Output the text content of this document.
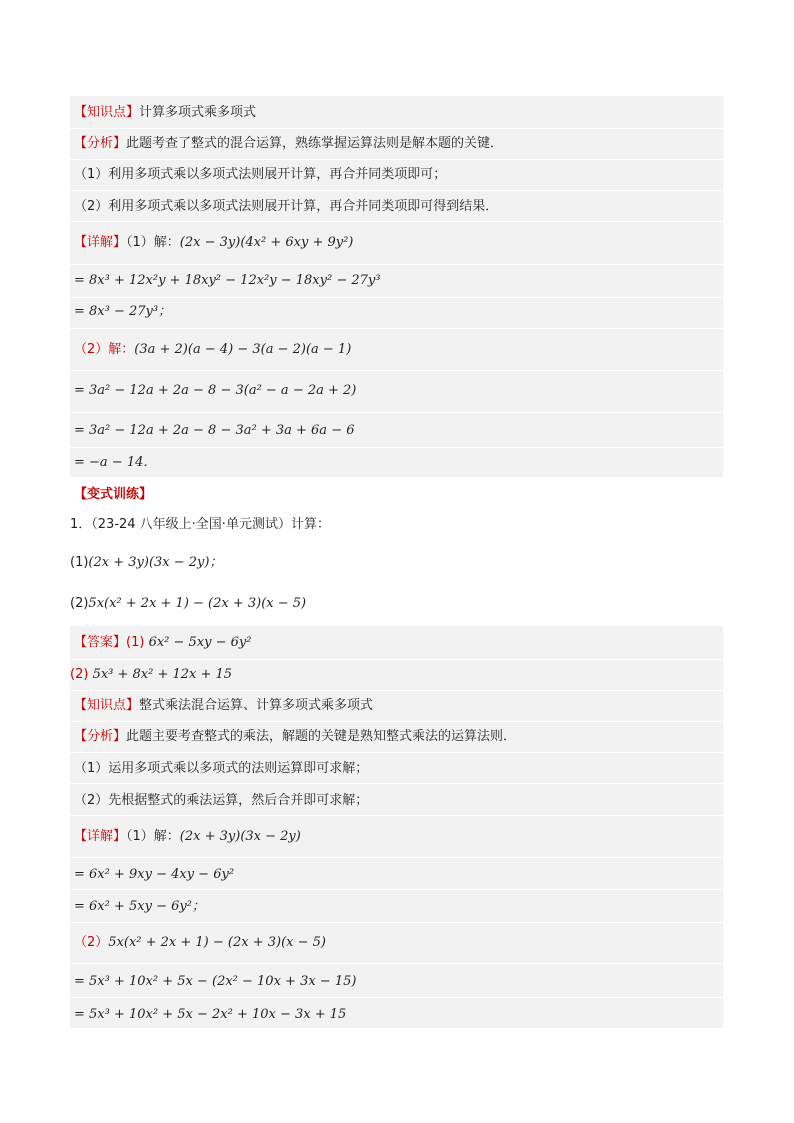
【知识点】计算多项式乘多项式
【分析】此题考查了整式的混合运算，熟练掌握运算法则是解本题的关键．
（1）利用多项式乘以多项式法则展开计算，再合并同类项即可；
（2）利用多项式乘以多项式法则展开计算，再合并同类项即可得到结果．
【详解】（1）解：(2x − 3y)(4x² + 6xy + 9y²)
= 8x³ + 12x²y + 18xy² − 12x²y − 18xy² − 27y³
= 8x³ − 27y³；
（2）解：(3a + 2)(a − 4) − 3(a − 2)(a − 1)
= 3a² − 12a + 2a − 8 − 3(a² − a − 2a + 2)
= 3a² − 12a + 2a − 8 − 3a² + 3a + 6a − 6
= −a − 14．
【变式训练】
1．（23-24 八年级上·全国·单元测试）计算：
(1)(2x + 3y)(3x − 2y)；
(2)5x(x² + 2x + 1) − (2x + 3)(x − 5)
【答案】(1) 6x² − 5xy − 6y²
(2) 5x³ + 8x² + 12x + 15
【知识点】整式乘法混合运算、计算多项式乘多项式
【分析】此题主要考查整式的乘法，解题的关键是熟知整式乘法的运算法则．
（1）运用多项式乘以多项式的法则运算即可求解；
（2）先根据整式的乘法运算，然后合并即可求解；
【详解】（1）解：(2x + 3y)(3x − 2y)
= 6x² + 9xy − 4xy − 6y²
= 6x² + 5xy − 6y²；
（2）5x(x² + 2x + 1) − (2x + 3)(x − 5)
= 5x³ + 10x² + 5x − (2x² − 10x + 3x − 15)
= 5x³ + 10x² + 5x − 2x² + 10x − 3x + 15
